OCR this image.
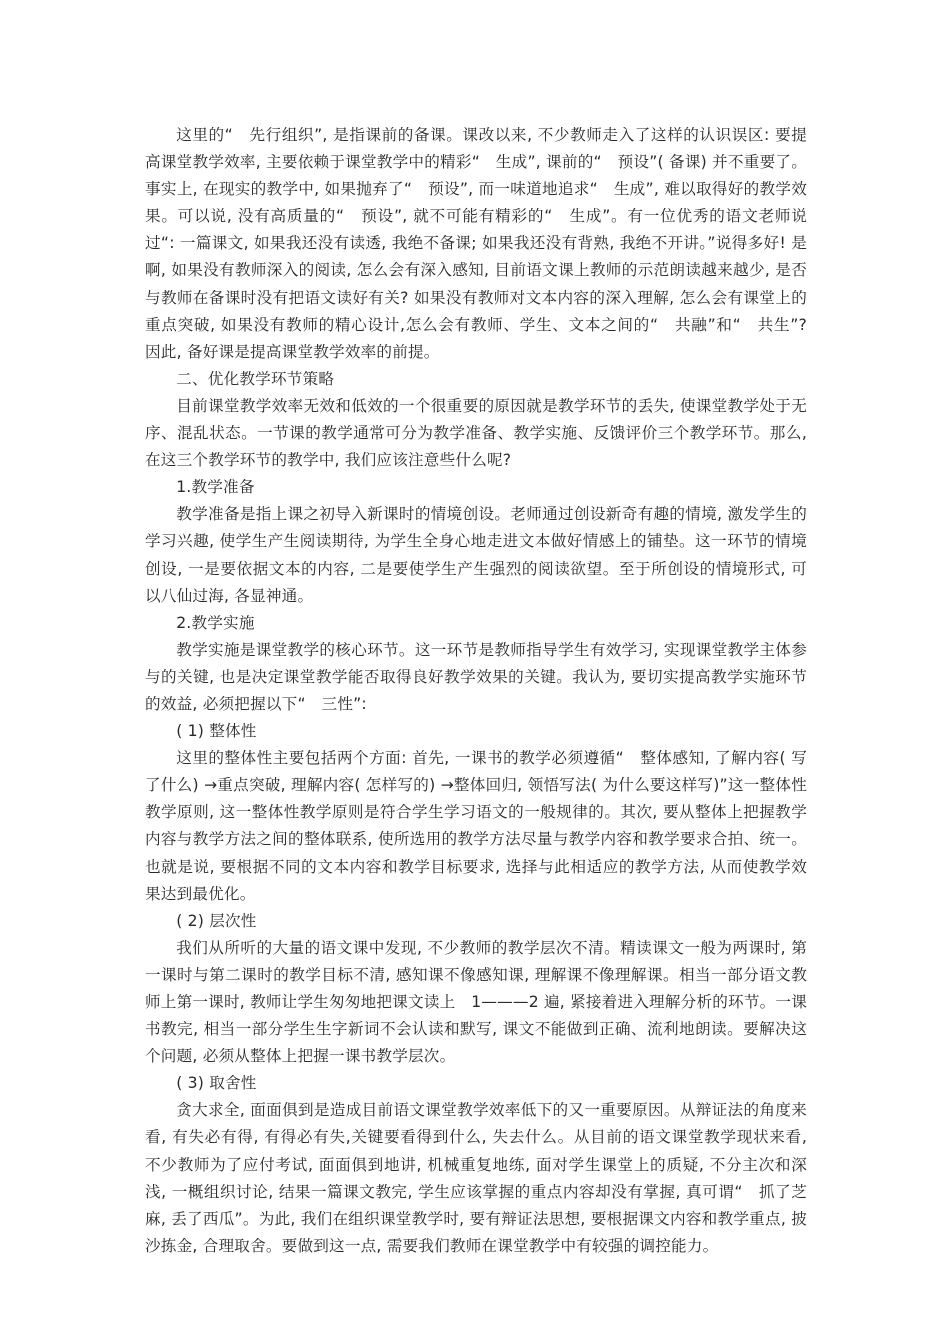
这里的“　先行组织”, 是指课前的备课。课改以来, 不少教师走入了这样的认识误区: 要提高课堂教学效率, 主要依赖于课堂教学中的精彩“　生成”, 课前的“　预设”( 备课) 并不重要了。事实上, 在现实的教学中, 如果抛弃了“　预设”, 而一味道地追求“　生成”, 难以取得好的教学效果。可以说, 没有高质量的“　预设”, 就不可能有精彩的“　生成”。有一位优秀的语文老师说过“: 一篇课文, 如果我还没有读透, 我绝不备课; 如果我还没有背熟, 我绝不开讲。”说得多好! 是啊, 如果没有教师深入的阅读, 怎么会有深入感知, 目前语文课上教师的示范朗读越来越少, 是否与教师在备课时没有把语文读好有关? 如果没有教师对文本内容的深入理解, 怎么会有课堂上的重点突破, 如果没有教师的精心设计,怎么会有教师、学生、文本之间的“　共融”和“　共生”? 因此, 备好课是提高课堂教学效率的前提。

二、优化教学环节策略

目前课堂教学效率无效和低效的一个很重要的原因就是教学环节的丢失, 使课堂教学处于无序、混乱状态。一节课的教学通常可分为教学准备、教学实施、反馈评价三个教学环节。那么, 在这三个教学环节的教学中, 我们应该注意些什么呢?

1.教学准备

教学准备是指上课之初导入新课时的情境创设。老师通过创设新奇有趣的情境, 激发学生的学习兴趣, 使学生产生阅读期待, 为学生全身心地走进文本做好情感上的铺垫。这一环节的情境创设, 一是要依据文本的内容, 二是要使学生产生强烈的阅读欲望。至于所创设的情境形式, 可以八仙过海, 各显神通。

2.教学实施

教学实施是课堂教学的核心环节。这一环节是教师指导学生有效学习, 实现课堂教学主体参与的关键, 也是决定课堂教学能否取得良好教学效果的关键。我认为, 要切实提高教学实施环节的效益, 必须把握以下“　三性”:

( 1) 整体性

这里的整体性主要包括两个方面: 首先, 一课书的教学必须遵循“　整体感知, 了解内容( 写了什么) →重点突破, 理解内容( 怎样写的) →整体回归, 领悟写法( 为什么要这样写)”这一整体性教学原则, 这一整体性教学原则是符合学生学习语文的一般规律的。其次, 要从整体上把握教学内容与教学方法之间的整体联系, 使所选用的教学方法尽量与教学内容和教学要求合拍、统一。也就是说, 要根据不同的文本内容和教学目标要求, 选择与此相适应的教学方法, 从而使教学效果达到最优化。

( 2) 层次性

我们从所听的大量的语文课中发现, 不少教师的教学层次不清。精读课文一般为两课时, 第一课时与第二课时的教学目标不清, 感知课不像感知课, 理解课不像理解课。相当一部分语文教师上第一课时, 教师让学生匆匆地把课文读上　1———2 遍, 紧接着进入理解分析的环节。一课书教完, 相当一部分学生生字新词不会认读和默写, 课文不能做到正确、流利地朗读。要解决这个问题, 必须从整体上把握一课书教学层次。

( 3) 取舍性

贪大求全, 面面俱到是造成目前语文课堂教学效率低下的又一重要原因。从辩证法的角度来看, 有失必有得, 有得必有失,关键要看得到什么, 失去什么。从目前的语文课堂教学现状来看, 不少教师为了应付考试, 面面俱到地讲, 机械重复地练, 面对学生课堂上的质疑, 不分主次和深浅, 一概组织讨论, 结果一篇课文教完, 学生应该掌握的重点内容却没有掌握, 真可谓“　抓了芝麻, 丢了西瓜”。为此, 我们在组织课堂教学时, 要有辩证法思想, 要根据课文内容和教学重点, 披沙拣金, 合理取舍。要做到这一点, 需要我们教师在课堂教学中有较强的调控能力。
